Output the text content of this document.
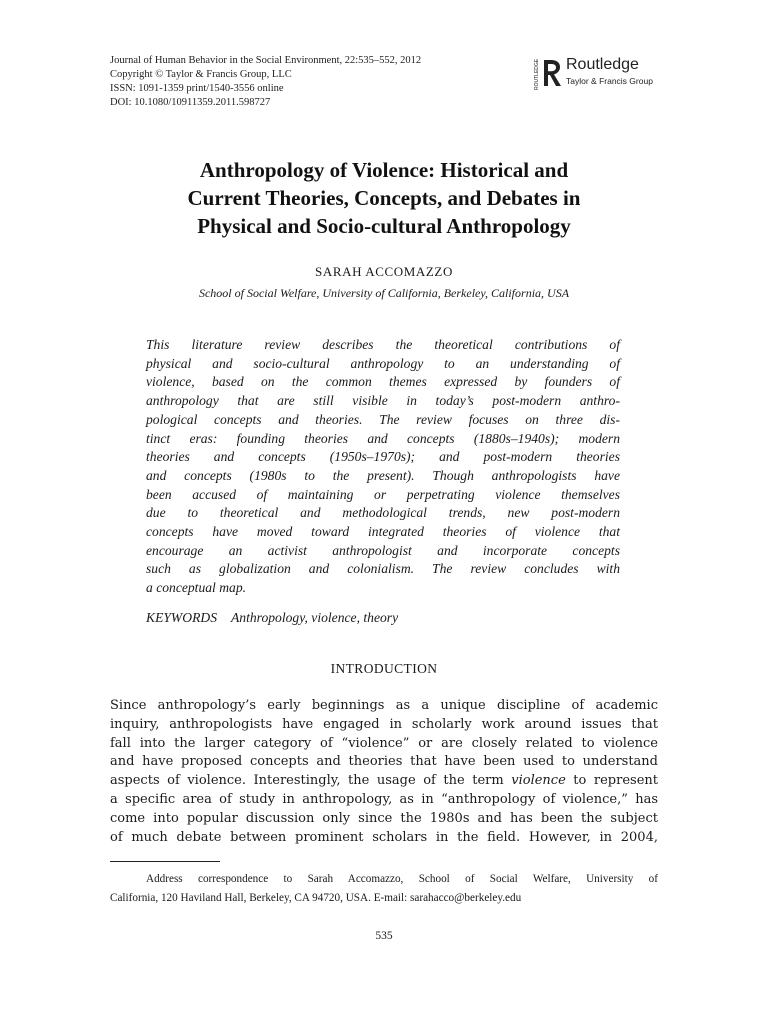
Journal of Human Behavior in the Social Environment, 22:535–552, 2012
Copyright © Taylor & Francis Group, LLC
ISSN: 1091-1359 print/1540-3556 online
DOI: 10.1080/10911359.2011.598727
ROUTLEDGE Routledge
Taylor & Francis Group
Anthropology of Violence: Historical and
Current Theories, Concepts, and Debates in
Physical and Socio-cultural Anthropology
SARAH ACCOMAZZO
School of Social Welfare, University of California, Berkeley, California, USA
This literature review describes the theoretical contributions of
physical and socio-cultural anthropology to an understanding of
violence, based on the common themes expressed by founders of
anthropology that are still visible in today’s post-modern anthro-
pological concepts and theories. The review focuses on three dis-
tinct eras: founding theories and concepts (1880s–1940s); modern
theories and concepts (1950s–1970s); and post-modern theories
and concepts (1980s to the present). Though anthropologists have
been accused of maintaining or perpetrating violence themselves
due to theoretical and methodological trends, new post-modern
concepts have moved toward integrated theories of violence that
encourage an activist anthropologist and incorporate concepts
such as globalization and colonialism. The review concludes with
a conceptual map.
KEYWORDS Anthropology, violence, theory
INTRODUCTION
Since anthropology’s early beginnings as a unique discipline of academic
inquiry, anthropologists have engaged in scholarly work around issues that
fall into the larger category of “violence” or are closely related to violence
and have proposed concepts and theories that have been used to understand
aspects of violence. Interestingly, the usage of the term violence to represent
a specific area of study in anthropology, as in “anthropology of violence,” has
come into popular discussion only since the 1980s and has been the subject
of much debate between prominent scholars in the field. However, in 2004,
Address correspondence to Sarah Accomazzo, School of Social Welfare, University of
California, 120 Haviland Hall, Berkeley, CA 94720, USA. E-mail: sarahacco@berkeley.edu
535
